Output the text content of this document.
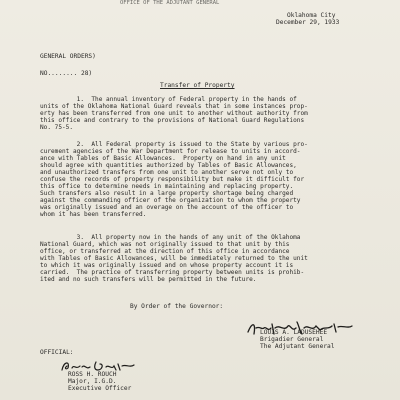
OFFICE OF THE ADJUTANT GENERAL
Oklahoma City
December 29, 1933
GENERAL ORDERS)
NO........ 28)
Transfer of Property
1.  The annual inventory of Federal property in the hands of
units of the Oklahoma National Guard reveals that in some instances prop-
erty has been transferred from one unit to another without authority from
this office and contrary to the provisions of National Guard Regulations
No. 75-5.
2.  All Federal property is issued to the State by various pro-
curement agencies of the War Department for release to units in accord-
ance with Tables of Basic Allowances.  Property on hand in any unit
should agree with quantities authorized by Tables of Basic Allowances,
and unauthorized transfers from one unit to another serve not only to
confuse the records of property responsibility but make it difficult for
this office to determine needs in maintaining and replacing property.
Such transfers also result in a large property shortage being charged
against the commanding officer of the organization to whom the property
was originally issued and an overage on the account of the officer to
whom it has been transferred.
3.  All property now in the hands of any unit of the Oklahoma
National Guard, which was not originally issued to that unit by this
office, or transferred at the direction of this office in accordance
with Tables of Basic Allowances, will be immediately returned to the unit
to which it was originally issued and on whose property account it is
carried.  The practice of transferring property between units is prohib-
ited and no such transfers will be permitted in the future.
By Order of the Governor:
LOUIS A. LADUSEHEE
Brigadier General
The Adjutant General
OFFICIAL:
ROSS H. ROUCH
Major, I.G.D.
Executive Officer
